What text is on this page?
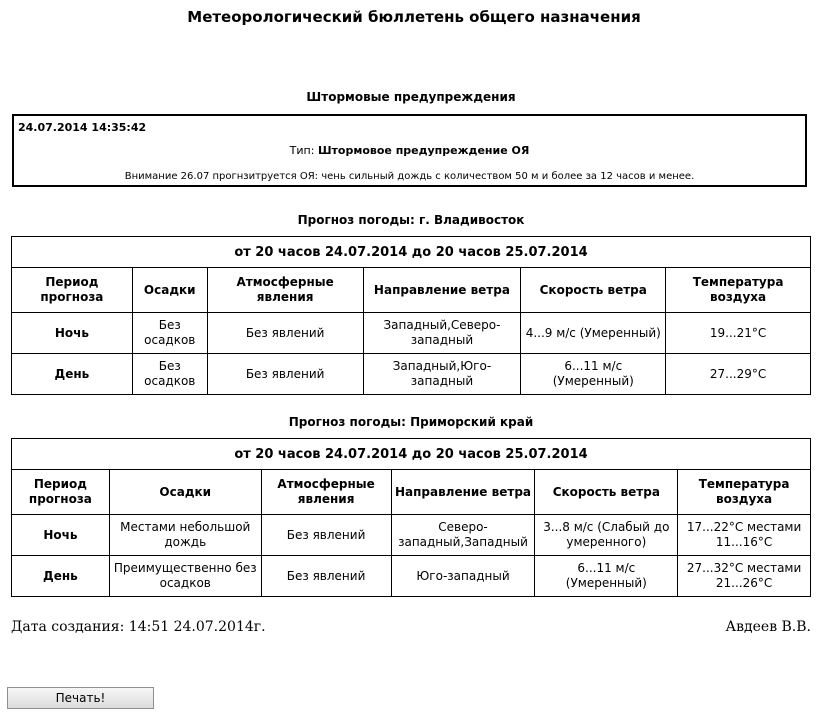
Метеорологический бюллетень общего назначения
Штормовые предупреждения
24.07.2014 14:35:42
Тип: Штормовое предупреждение ОЯ
Внимание 26.07 прогнзитруется ОЯ: чень сильный дождь с количеством 50 м и более за 12 часов и менее.
Прогноз погоды: г. Владивосток
от 20 часов 24.07.2014 до 20 часов 25.07.2014					
Период прогноза	Осадки	Атмосферные явления	Направление ветра	Скорость ветра	Температура воздуха
Ночь	Без осадков	Без явлений	Западный,Северо-западный	4...9 м/с (Умеренный)	19...21°C
День	Без осадков	Без явлений	Западный,Юго-западный	6...11 м/с (Умеренный)	27...29°C
Прогноз погоды: Приморский край
от 20 часов 24.07.2014 до 20 часов 25.07.2014					
Период прогноза	Осадки	Атмосферные явления	Направление ветра	Скорость ветра	Температура воздуха
Ночь	Местами небольшой дождь	Без явлений	Северо-западный,Западный	3...8 м/с (Слабый до умеренного)	17...22°C местами 11...16°C
День	Преимущественно без осадков	Без явлений	Юго-западный	6...11 м/с (Умеренный)	27...32°C местами 21...26°C
Дата создания: 14:51 24.07.2014г.	Авдеев В.В.
Печать!
